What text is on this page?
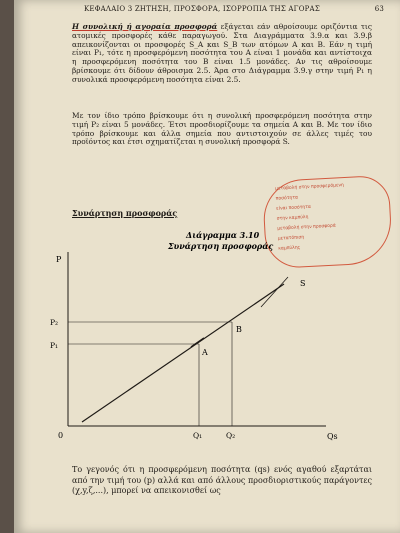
ΚΕΦΑΛΑΙΟ 3 ΖΗΤΗΣΗ, ΠΡΟΣΦΟΡΑ, ΙΣΟΡΡΟΠΙΑ ΤΗΣ ΑΓΟΡΑΣ	63
Η συνολική ή αγοραία προσφορά εξάγεται εάν αθροίσουμε οριζόντια τις ατομικές προσφορές κάθε παραγωγού. Στα Διαγράμματα 3.9.α και 3.9.β απεικονίζονται οι προσφορές S_A και S_B των ατόμων Α και Β. Εάν η τιμή είναι P₁, τότε η προσφερόμενη ποσότητα του Α είναι 1 μονάδα και αντίστοιχα η προσφερόμενη ποσότητα του Β είναι 1.5 μονάδες. Αν τις αθροίσουμε βρίσκουμε ότι δίδουν άθροισμα 2.5. Άρα στο Διάγραμμα 3.9.γ στην τιμή P₁ η συνολικά προσφερόμενη ποσότητα είναι 2.5.
Με τον ίδιο τρόπο βρίσκουμε ότι η συνολική προσφερόμενη ποσότητα στην τιμή P₂ είναι 5 μονάδες. Έτσι προσδιορίζουμε τα σημεία Α και Β. Με τον ίδιο τρόπο βρίσκουμε και άλλα σημεία που αντιστοιχούν σε άλλες τιμές του προϊόντος και έτσι σχηματίζεται η συνολική προσφορά S.
Συνάρτηση προσφοράς
μεταβολή στην προσφερόμενη
ποσότητα
είναι ποσότητα
στην καμπύλη
μεταβολή στην προσφορά
μετατόπιση
καμπύλης
Διάγραμμα 3.10
Συνάρτηση προσφοράς
P
Qs
0
S
P₂
P₁
Q₁	Q₂
A
B
Το γεγονός ότι η προσφερόμενη ποσότητα (qs) ενός αγαθού εξαρτάται από την τιμή του (p) αλλά και από άλλους προσδιοριστικούς παράγοντες (χ,y,ζ,...), μπορεί να απεικονισθεί ως
